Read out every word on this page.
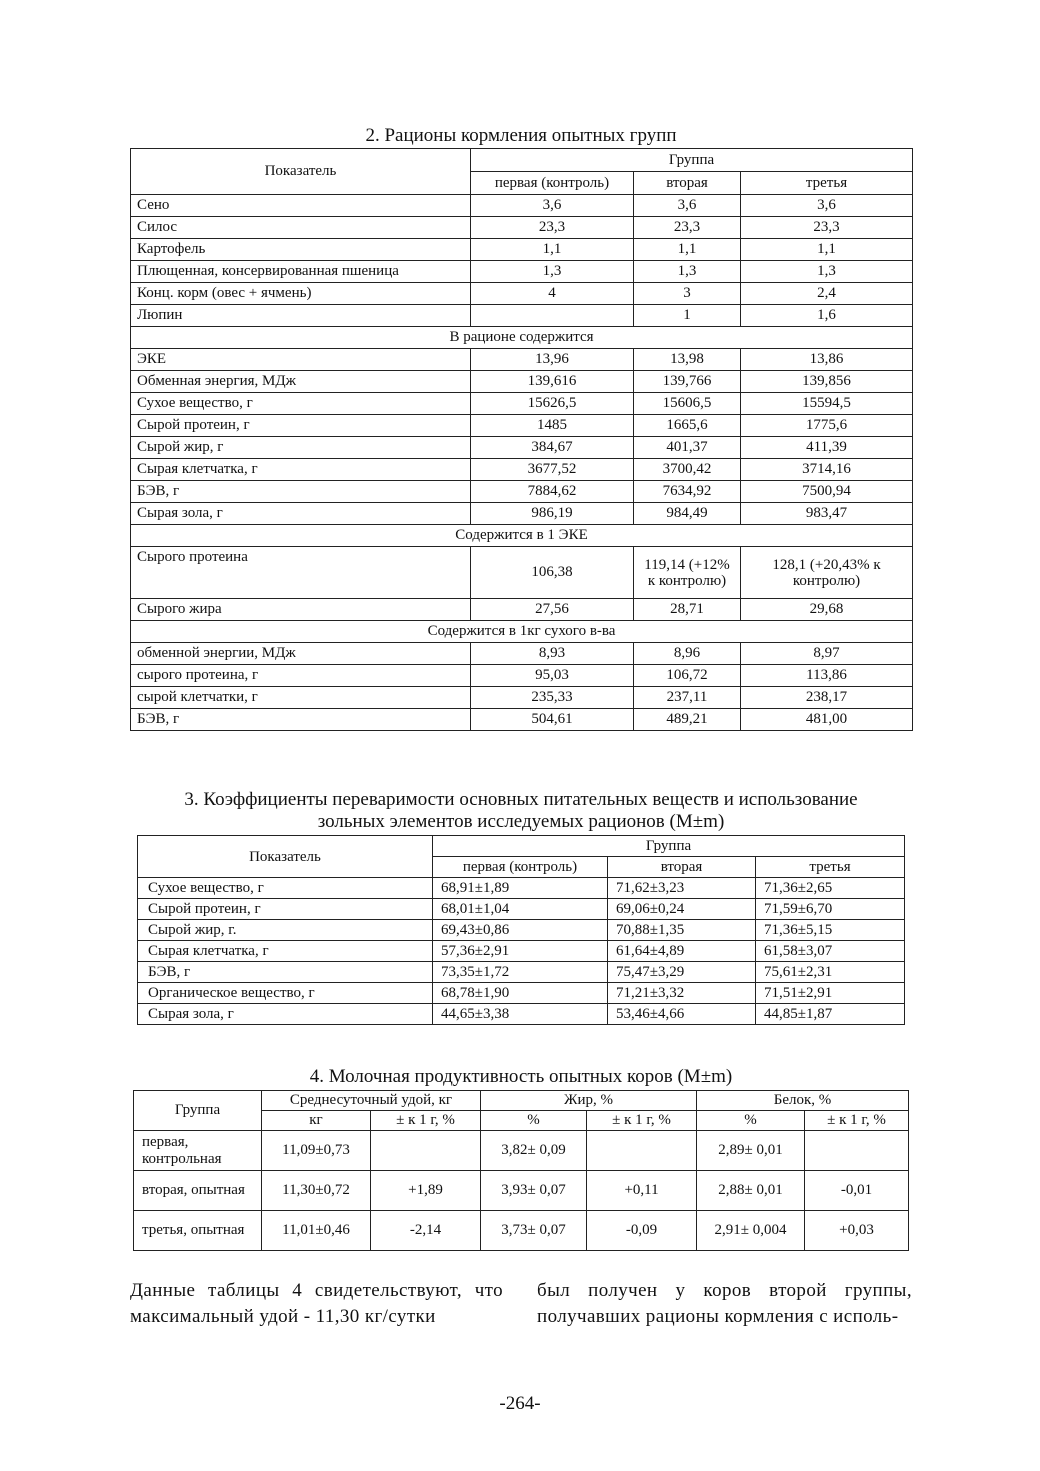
2. Рационы кормления опытных групп
Показатель	Группа		
	первая (контроль)	вторая	третья
Сено	3,6	3,6	3,6
Силос	23,3	23,3	23,3
Картофель	1,1	1,1	1,1
Плющенная, консервированная пшеница	1,3	1,3	1,3
Конц. корм (овес + ячмень)	4	3	2,4
Люпин		1	1,6
В рационе содержится			
ЭКЕ	13,96	13,98	13,86
Обменная энергия, МДж	139,616	139,766	139,856
Сухое вещество, г	15626,5	15606,5	15594,5
Сырой протеин, г	1485	1665,6	1775,6
Сырой жир, г	384,67	401,37	411,39
Сырая клетчатка, г	3677,52	3700,42	3714,16
БЭВ, г	7884,62	7634,92	7500,94
Сырая зола, г	986,19	984,49	983,47
Содержится в 1 ЭКЕ			
Сырого протеина	106,38	119,14 (+12% к контролю)	128,1 (+20,43% к контролю)
Сырого жира	27,56	28,71	29,68
Содержится в 1кг сухого в-ва			
обменной энергии, МДж	8,93	8,96	8,97
сырого протеина, г	95,03	106,72	113,86
сырой клетчатки, г	235,33	237,11	238,17
БЭВ, г	504,61	489,21	481,00
3. Коэффициенты переваримости основных питательных веществ и использование
зольных элементов исследуемых рационов (M±m)
Показатель	Группа		
	первая (контроль)	вторая	третья
Сухое вещество, г	68,91±1,89	71,62±3,23	71,36±2,65
Сырой протеин, г	68,01±1,04	69,06±0,24	71,59±6,70
Сырой жир, г.	69,43±0,86	70,88±1,35	71,36±5,15
Сырая клетчатка, г	57,36±2,91	61,64±4,89	61,58±3,07
БЭВ, г	73,35±1,72	75,47±3,29	75,61±2,31
Органическое вещество, г	68,78±1,90	71,21±3,32	71,51±2,91
Сырая зола, г	44,65±3,38	53,46±4,66	44,85±1,87
4. Молочная продуктивность опытных коров (M±m)
Группа	Среднесуточный удой, кг		Жир, %		Белок, %	
	кг	± к 1 г, %	%	± к 1 г, %	%	± к 1 г, %
первая, контрольная	11,09±0,73		3,82± 0,09		2,89± 0,01	
вторая, опытная	11,30±0,72	+1,89	3,93± 0,07	+0,11	2,88± 0,01	-0,01
третья, опытная	11,01±0,46	-2,14	3,73± 0,07	-0,09	2,91± 0,004	+0,03
Данные таблицы 4 свидетельствуют, что максимальный удой - 11,30 кг/сутки
был получен у коров второй группы, получавших рационы кормления с исполь-
-264-
